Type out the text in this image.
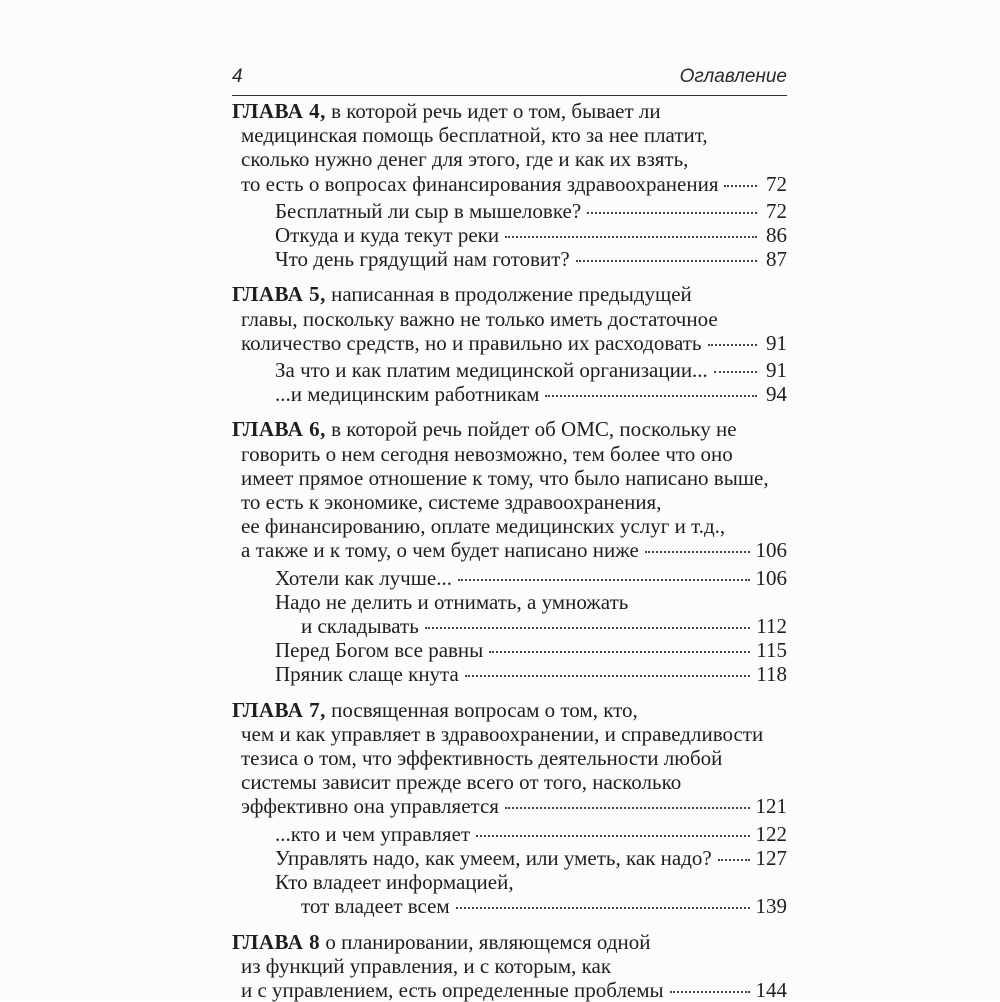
4	Оглавление
ГЛАВА 4, в которой речь идет о том, бывает ли
медицинская помощь бесплатной, кто за нее платит,
сколько нужно денег для этого, где и как их взять,
то есть о вопросах финансирования здравоохранения 72
Бесплатный ли сыр в мышеловке?	72
Откуда и куда текут реки	86
Что день грядущий нам готовит?	87
ГЛАВА 5, написанная в продолжение предыдущей
главы, поскольку важно не только иметь достаточное
количество средств, но и правильно их расходовать	91
За что и как платим медицинской организации...	91
...и медицинским работникам	94
ГЛАВА 6, в которой речь пойдет об ОМС, поскольку не
говорить о нем сегодня невозможно, тем более что оно
имеет прямое отношение к тому, что было написано выше,
то есть к экономике, системе здравоохранения,
ее финансированию, оплате медицинских услуг и т.д.,
а также и к тому, о чем будет написано ниже	106
Хотели как лучше...	106
Надо не делить и отнимать, а умножать
и складывать	112
Перед Богом все равны	115
Пряник слаще кнута	118
ГЛАВА 7, посвященная вопросам о том, кто,
чем и как управляет в здравоохранении, и справедливости
тезиса о том, что эффективность деятельности любой
системы зависит прежде всего от того, насколько
эффективно она управляется	121
...кто и чем управляет	122
Управлять надо, как умеем, или уметь, как надо? 127
Кто владеет информацией,
тот владеет всем	139
ГЛАВА 8 о планировании, являющемся одной
из функций управления, и с которым, как
и с управлением, есть определенные проблемы	144
